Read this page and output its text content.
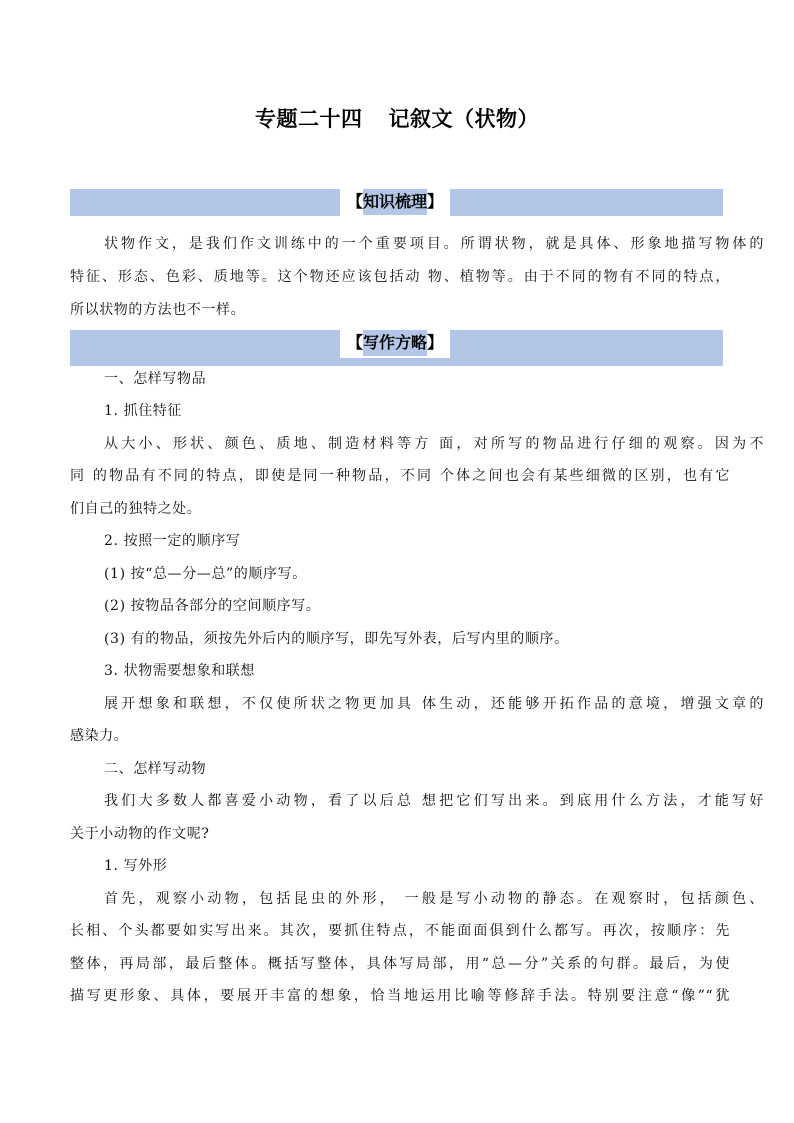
专题二十四 记叙文（状物）
【 知识梳理 】
状物作文，是我们作文训练中的一个重要项目。所谓状物，就是具体、形象地描写物体的
特征、形态、色彩、质地等。这个物还应该包括动 物、植物等。由于不同的物有不同的特点，
所以状物的方法也不一样。
【 写作方略 】
一、怎样写物品
1. 抓住特征
从大小、形状、颜色、质地、制造材料等方 面，对所写的物品进行仔细的观察。因为不
同 的物品有不同的特点，即使是同一种物品，不同 个体之间也会有某些细微的区别，也有它
们自己的独特之处。
2. 按照一定的顺序写
(1) 按“总—分—总”的顺序写。
(2) 按物品各部分的空间顺序写。
(3) 有的物品，须按先外后内的顺序写，即先写外表，后写内里的顺序。
3. 状物需要想象和联想
展开想象和联想，不仅使所状之物更加具 体生动，还能够开拓作品的意境，增强文章的
感染力。
二、怎样写动物
我们大多数人都喜爱小动物，看了以后总 想把它们写出来。到底用什么方法，才能写好
关于小动物的作文呢?
1. 写外形
首先，观察小动物，包括昆虫的外形， 一般是写小动物的静态。在观察时，包括颜色、
长相、个头都要如实写出来。其次，要抓住特点，不能面面俱到什么都写。再次，按顺序：先
整体，再局部，最后整体。概括写整体，具体写局部，用“总—分”关系的句群。最后，为使
描写更形象、具体，要展开丰富的想象，恰当地运用比喻等修辞手法。特别要注意“像”“犹
